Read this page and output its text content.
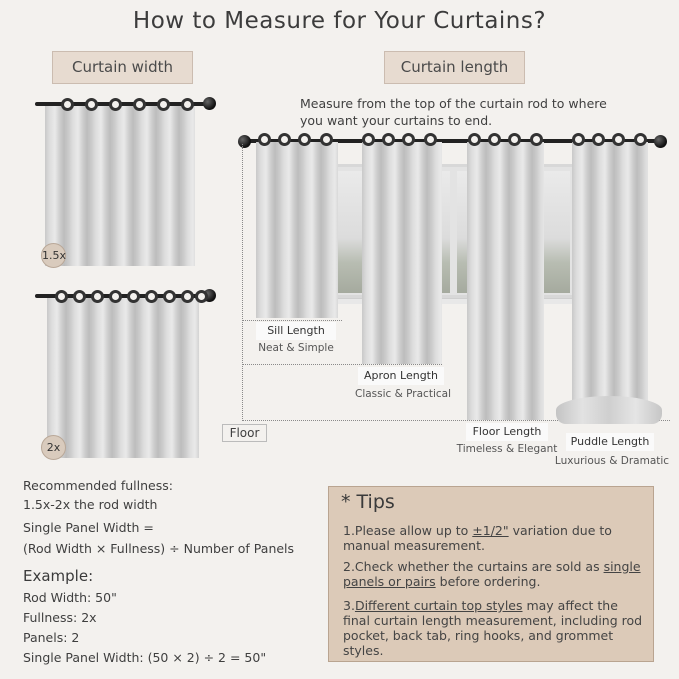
How to Measure for Your Curtains?
Curtain width	Curtain length
Measure from the top of the curtain rod to where you want your curtains to end.
1.5x
2x
Sill Length
Neat & Simple
Apron Length
Classic & Practical
Floor Length
Timeless & Elegant
Puddle Length
Luxurious & Dramatic
Floor
Recommended fullness:
1.5x-2x the rod width
Single Panel Width =
(Rod Width × Fullness) ÷ Number of Panels
Example:
Rod Width: 50"
Fullness: 2x
Panels: 2
Single Panel Width: (50 × 2) ÷ 2 = 50"
* Tips
1.Please allow up to ±1/2" variation due to manual measurement.
2.Check whether the curtains are sold as single panels or pairs before ordering.
3.Different curtain top styles may affect the final curtain length measurement, including rod pocket, back tab, ring hooks, and grommet styles.
